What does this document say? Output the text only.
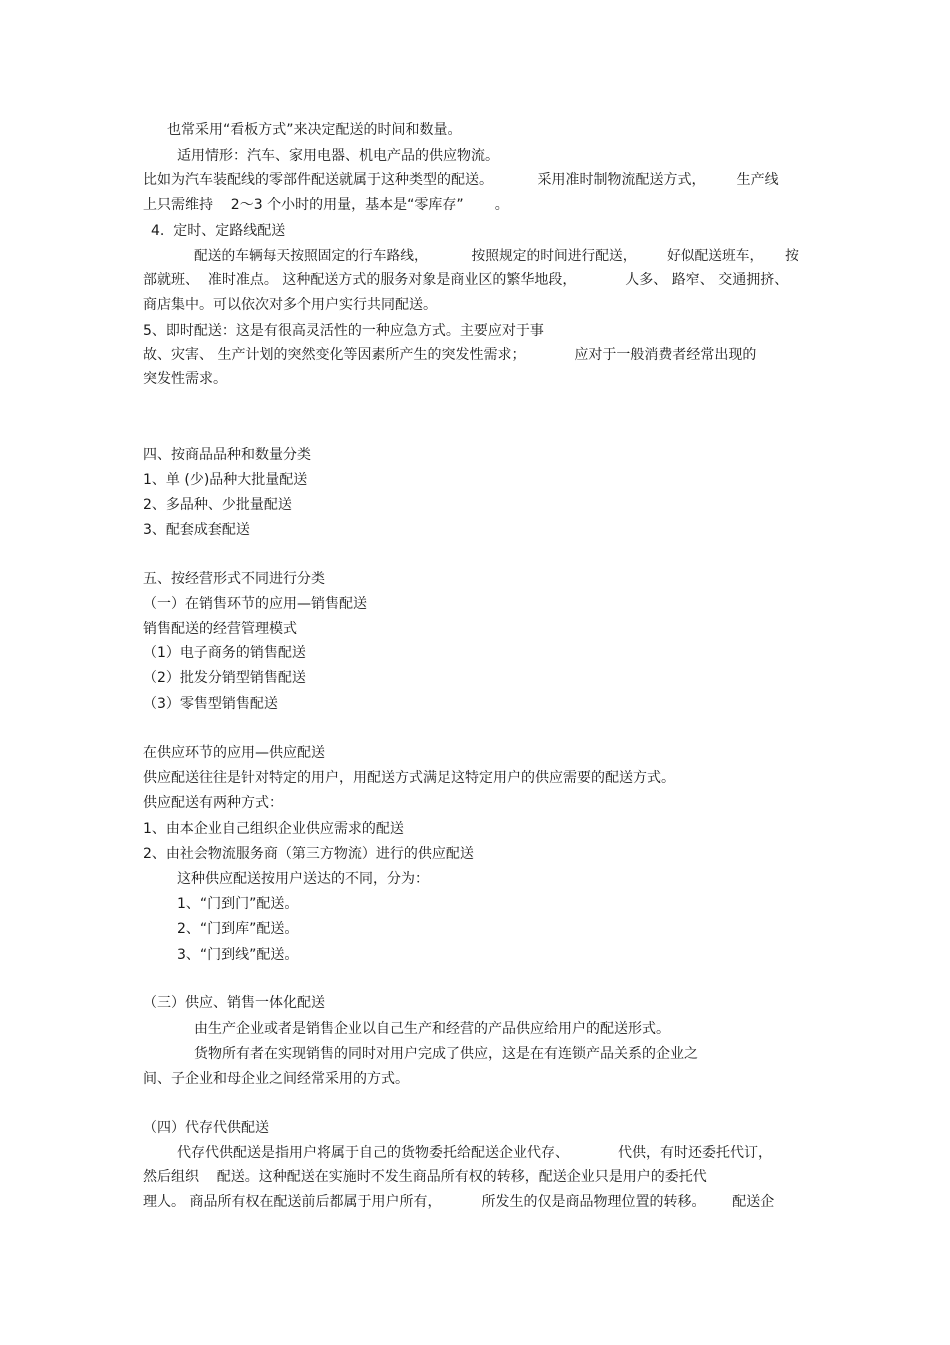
也常采用“看板方式”来决定配送的时间和数量。
适用情形：汽车、家用电器、机电产品的供应物流。
比如为汽车装配线的零部件配送就属于这种类型的配送。          采用准时制物流配送方式，       生产线
上只需维持    2～3 个小时的用量，基本是“零库存”       。
4.  定时、定路线配送
配送的车辆每天按照固定的行车路线，          按照规定的时间进行配送，       好似配送班车，     按
部就班、  准时准点。 这种配送方式的服务对象是商业区的繁华地段，           人多、 路窄、 交通拥挤、
商店集中。可以依次对多个用户实行共同配送。
5、即时配送：这是有很高灵活性的一种应急方式。主要应对于事
故、灾害、 生产计划的突然变化等因素所产生的突发性需求；           应对于一般消费者经常出现的
突发性需求。
四、按商品品种和数量分类
1、单 (少)品种大批量配送
2、多品种、少批量配送
3、配套成套配送
五、按经营形式不同进行分类
（一）在销售环节的应用—销售配送
销售配送的经营管理模式
（1）电子商务的销售配送
（2）批发分销型销售配送
（3）零售型销售配送
在供应环节的应用—供应配送
供应配送往往是针对特定的用户，用配送方式满足这特定用户的供应需要的配送方式。
供应配送有两种方式：
1、由本企业自己组织企业供应需求的配送
2、由社会物流服务商（第三方物流）进行的供应配送
这种供应配送按用户送达的不同，分为：
1、“门到门”配送。
2、“门到库”配送。
3、“门到线”配送。
（三）供应、销售一体化配送
由生产企业或者是销售企业以自己生产和经营的产品供应给用户的配送形式。
货物所有者在实现销售的同时对用户完成了供应，这是在有连锁产品关系的企业之
间、子企业和母企业之间经常采用的方式。
（四）代存代供配送
代存代供配送是指用户将属于自己的货物委托给配送企业代存、           代供，有时还委托代订，
然后组织    配送。这种配送在实施时不发生商品所有权的转移，配送企业只是用户的委托代
理人。 商品所有权在配送前后都属于用户所有，         所发生的仅是商品物理位置的转移。      配送企
